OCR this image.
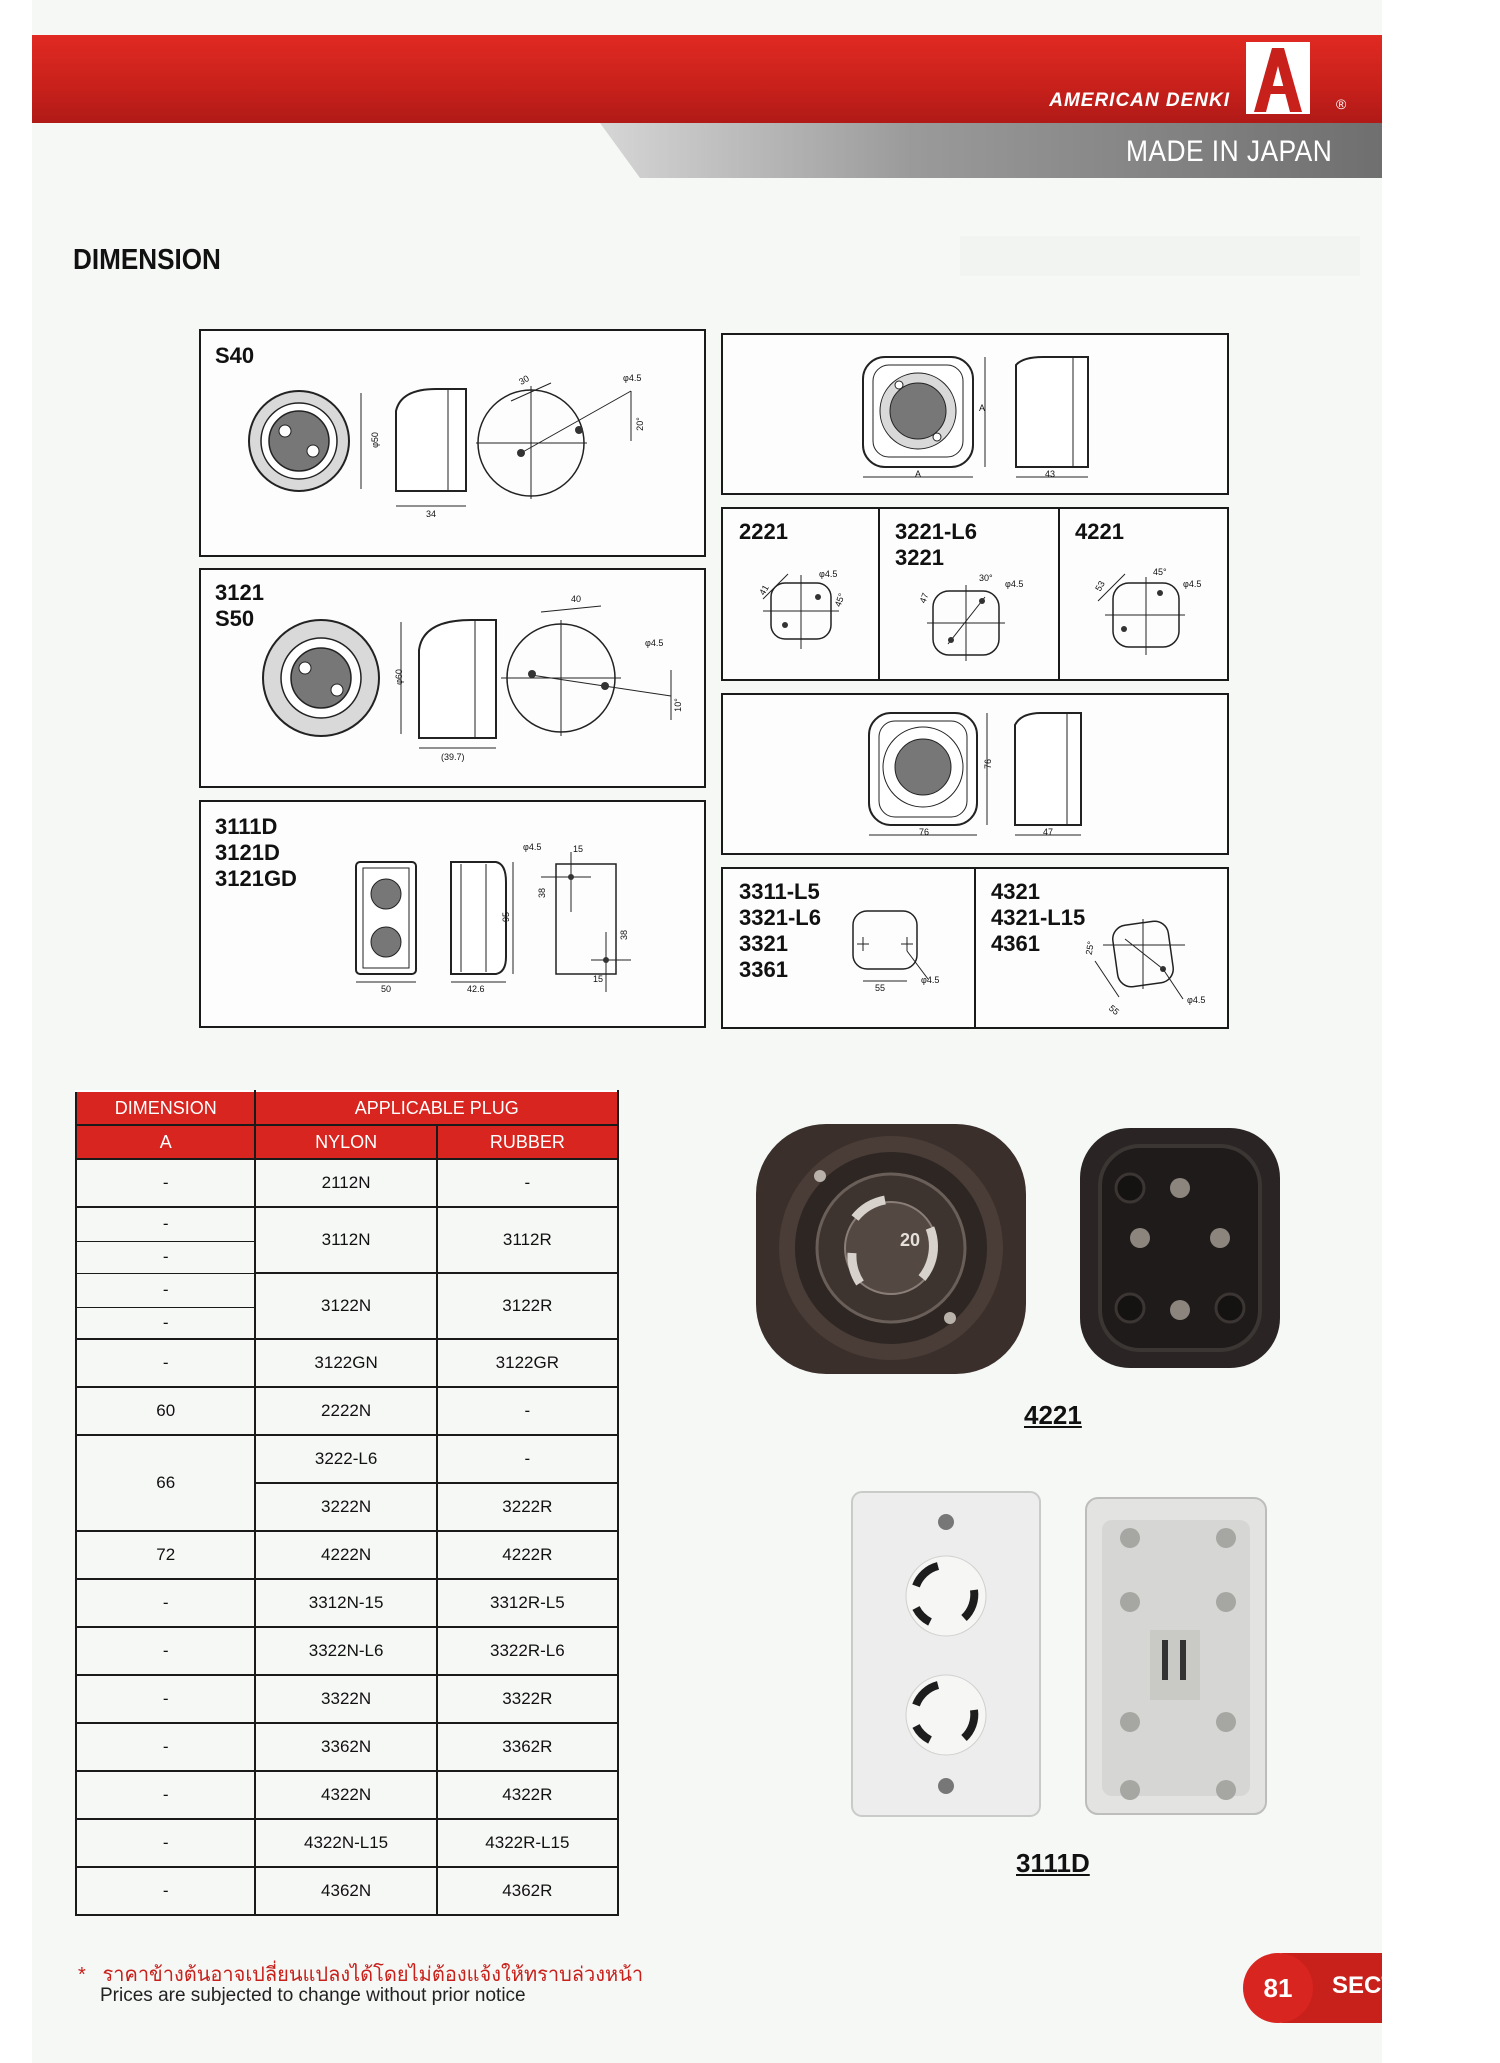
AMERICAN DENKI	®
MADE IN JAPAN
DIMENSION
S40
φ50
34
30	φ4.5
20°
3121
S50
φ60
(39.7)
40
φ4.5
10°
3111D
3121D
3121GD
50	42.6
95
φ4.5	15
38
38
15
A
A	43
2221	3221-L6
3221
4221
41
φ4.5
45°	47
30°
φ4.5	53
45°
φ4.5
76
76	47
3311-L5
3321-L6
3321
3361
4321
4321-L15
4361
55
φ4.5
25°
55
φ4.5
DIMENSION	APPLICABLE PLUG	
A	NYLON	RUBBER
-	2112N	-
-	3112N	3112R
-		
-	3122N	3122R
-		
-	3122GN	3122GR
60	2222N	-
66	3222-L6	-
	3222N	3222R
72	4222N	4222R
-	3312N-15	3312R-L5
-	3322N-L6	3322R-L6
-	3322N	3322R
-	3362N	3362R
-	4322N	4322R
-	4322N-L15	4322R-L15
-	4362N	4362R
20
4221
3111D
* ราคาข้างต้นอาจเปลี่ยนแปลงได้โดยไม่ต้องแจ้งให้ทราบล่วงหน้า
Prices are subjected to change without prior notice	SECT
81
